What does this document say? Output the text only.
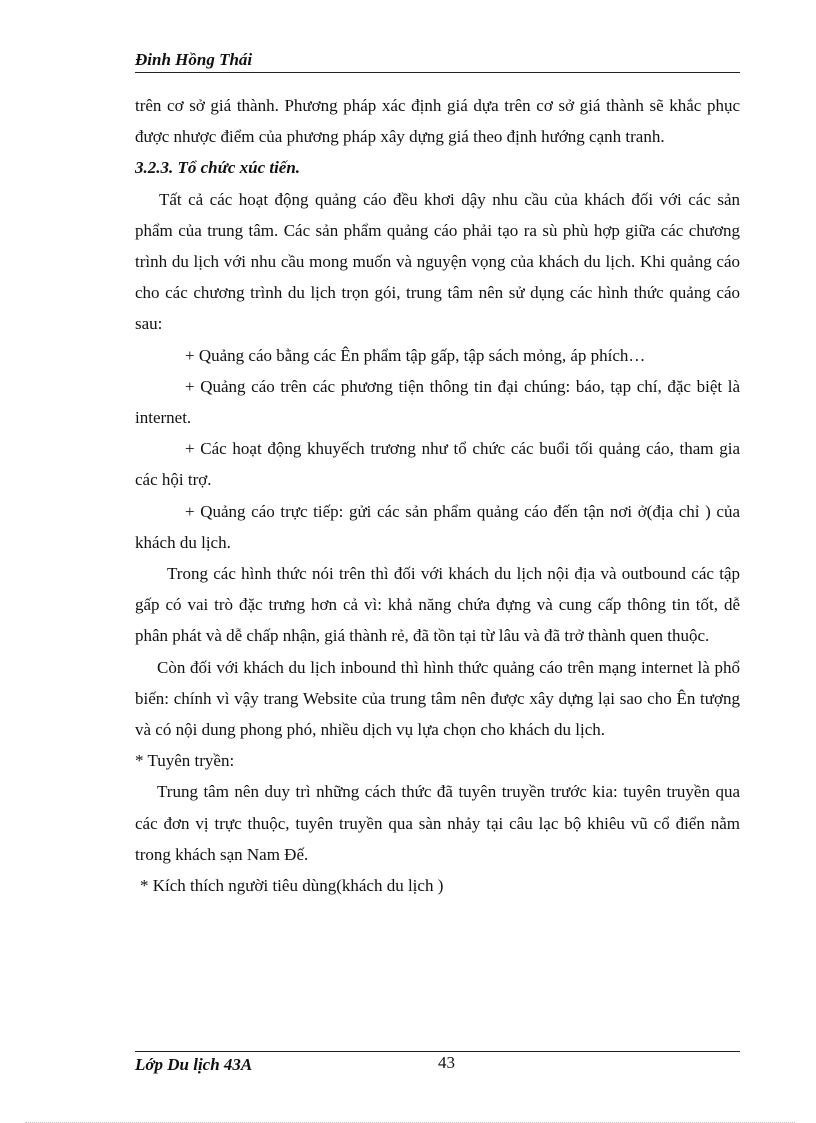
Đinh Hồng Thái

trên cơ sở giá thành. Phương pháp xác định giá dựa trên cơ sở giá thành sẽ khắc phục được nhược điểm của phương pháp xây dựng giá theo định hướng cạnh tranh.

3.2.3. Tổ chức xúc tiến.

Tất cả các hoạt động quảng cáo đều khơi dậy nhu cầu của khách đối với các sản phẩm của trung tâm. Các sản phẩm quảng cáo phải tạo ra sù phù hợp giữa các chương trình du lịch với nhu cầu mong muốn và nguyện vọng của khách du lịch. Khi quảng cáo cho các chương trình du lịch trọn gói, trung tâm nên sử dụng các hình thức quảng cáo sau:

+ Quảng cáo bằng các Ên phẩm tập gấp, tập sách mỏng, áp phích…

+ Quảng cáo trên các phương tiện thông tin đại chúng: báo, tạp chí, đặc biệt là internet.

+ Các hoạt động khuyếch trương như tổ chức các buổi tối quảng cáo, tham gia các hội trợ.

+ Quảng cáo trực tiếp: gửi các sản phẩm quảng cáo đến tận nơi ở(địa chỉ ) của khách du lịch.

Trong các hình thức nói trên thì đối với khách du lịch nội địa và outbound các tập gấp có vai trò đặc trưng hơn cả vì: khả năng chứa đựng và cung cấp thông tin tốt, dễ phân phát và dễ chấp nhận, giá thành rẻ, đã tồn tại từ lâu và đã trở thành quen thuộc.

Còn đối với khách du lịch inbound thì hình thức quảng cáo trên mạng internet là phổ biến: chính vì vậy trang Website của trung tâm nên được xây dựng lại sao cho Ên tượng và có nội dung phong phó, nhiều dịch vụ lựa chọn cho khách du lịch.

* Tuyên tryền:

Trung tâm nên duy trì những cách thức đã tuyên truyền trước kia: tuyên truyền qua các đơn vị trực thuộc, tuyên truyền qua sàn nhảy tại câu lạc bộ khiêu vũ cổ điển nằm trong khách sạn Nam Đế.

* Kích thích người tiêu dùng(khách du lịch )

Lớp Du lịch 43A	43
